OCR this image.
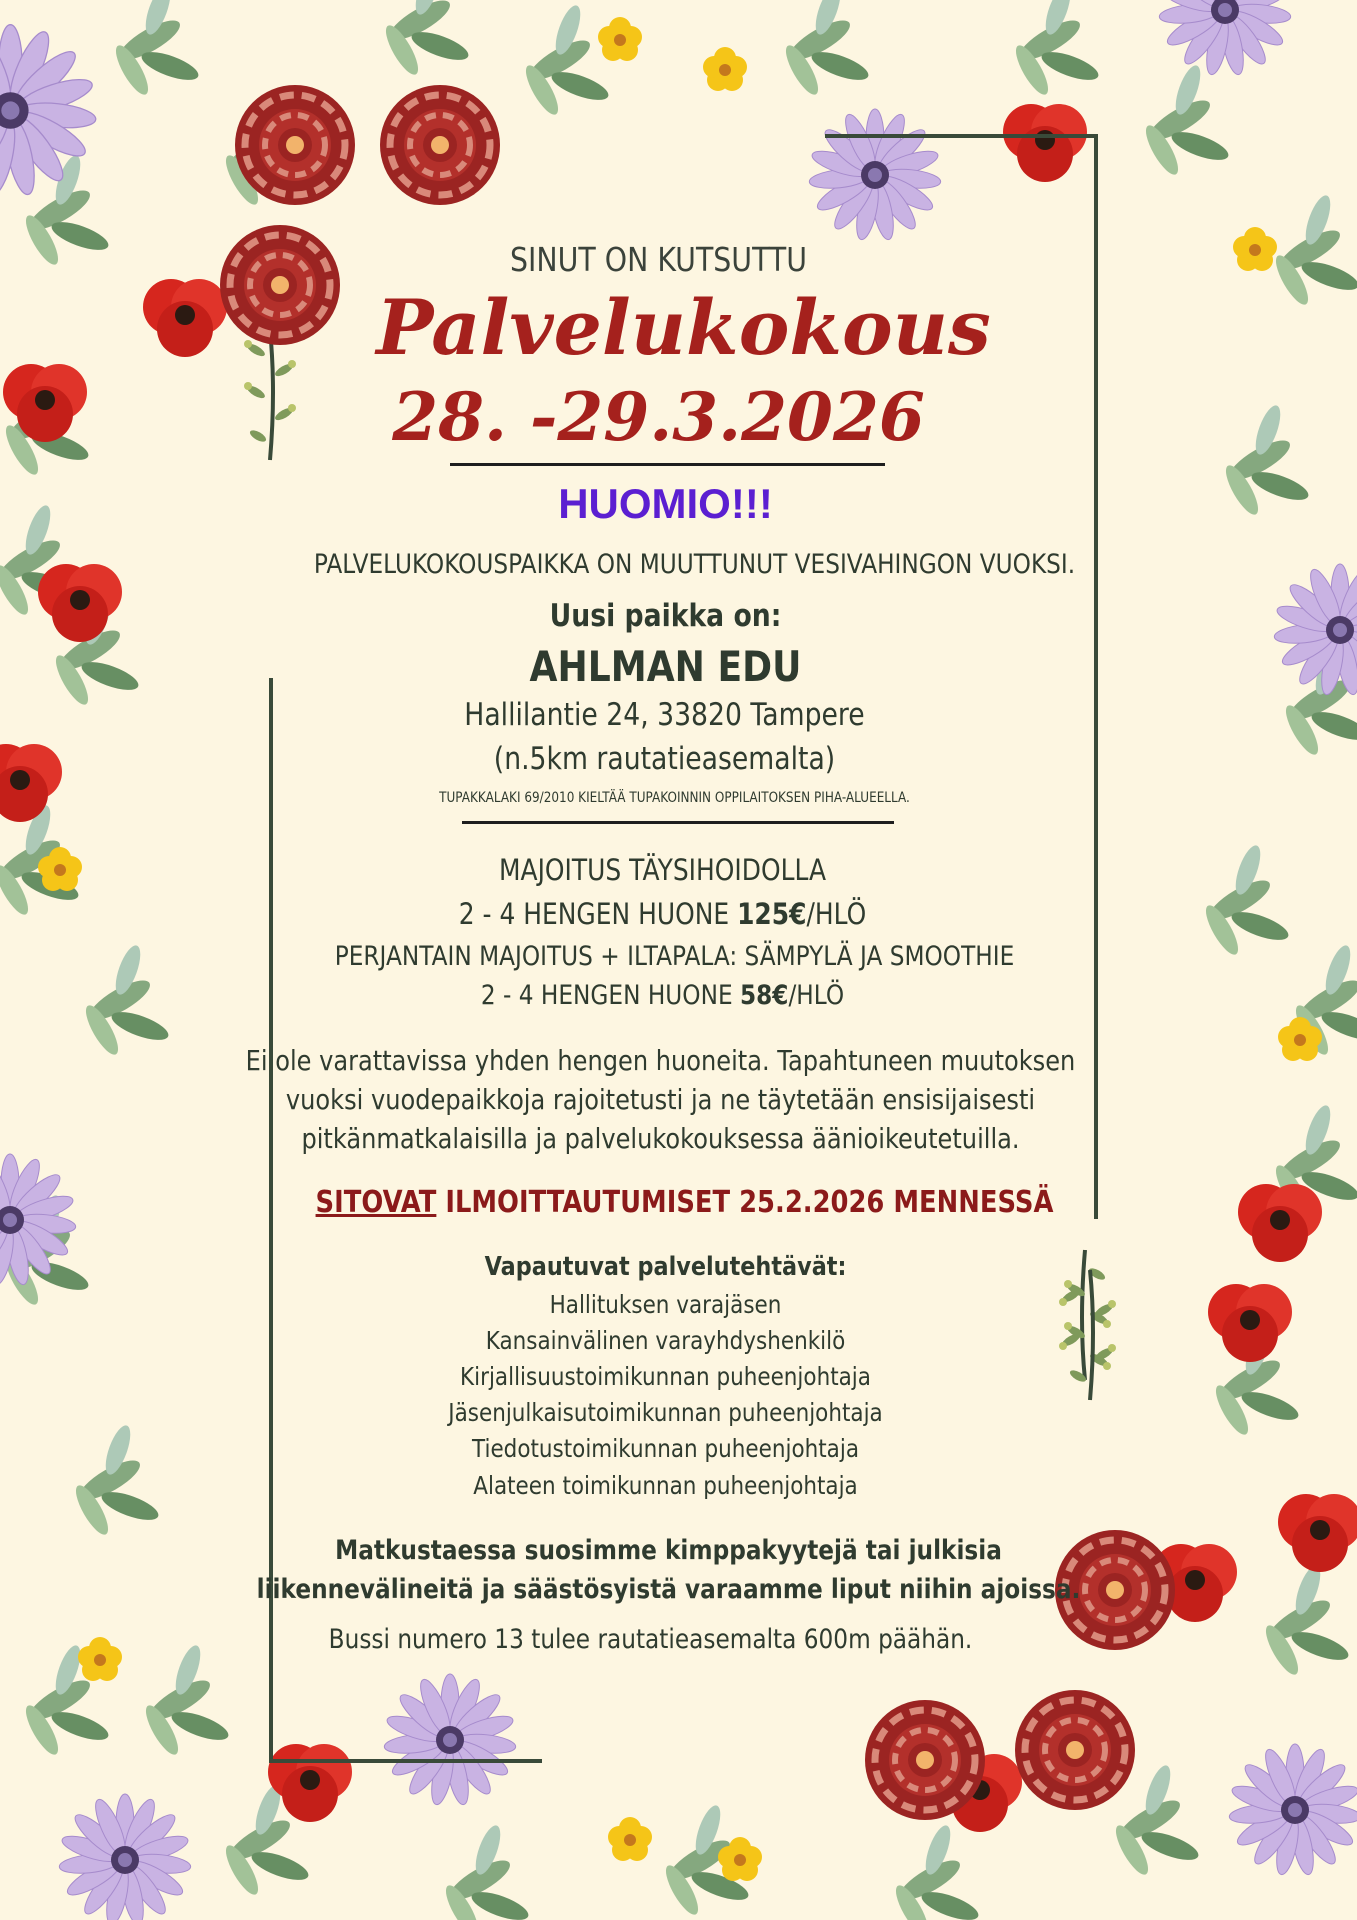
SINUT ON KUTSUTTU
Palvelukokous
28. -29.3.2026
HUOMIO!!!
PALVELUKOKOUSPAIKKA ON MUUTTUNUT VESIVAHINGON VUOKSI.
Uusi paikka on:
AHLMAN EDU
Hallilantie 24, 33820 Tampere
(n.5km rautatieasemalta)
TUPAKKALAKI 69/2010 KIELTÄÄ TUPAKOINNIN OPPILAITOKSEN PIHA-ALUEELLA.
MAJOITUS TÄYSIHOIDOLLA
2 - 4 HENGEN HUONE 125€/HLÖ
PERJANTAIN MAJOITUS + ILTAPALA: SÄMPYLÄ JA SMOOTHIE
2 - 4 HENGEN HUONE 58€/HLÖ
Ei ole varattavissa yhden hengen huoneita. Tapahtuneen muutoksen
vuoksi vuodepaikkoja rajoitetusti ja ne täytetään ensisijaisesti
pitkänmatkalaisilla ja palvelukokouksessa äänioikeutetuilla.
SITOVAT ILMOITTAUTUMISET 25.2.2026 MENNESSÄ
Vapautuvat palvelutehtävät:
Hallituksen varajäsen
Kansainvälinen varayhdyshenkilö
Kirjallisuustoimikunnan puheenjohtaja
Jäsenjulkaisutoimikunnan puheenjohtaja
Tiedotustoimikunnan puheenjohtaja
Alateen toimikunnan puheenjohtaja
Matkustaessa suosimme kimppakyytejä tai julkisia
liikennevälineitä ja säästösyistä varaamme liput niihin ajoissa.
Bussi numero 13 tulee rautatieasemalta 600m päähän.
